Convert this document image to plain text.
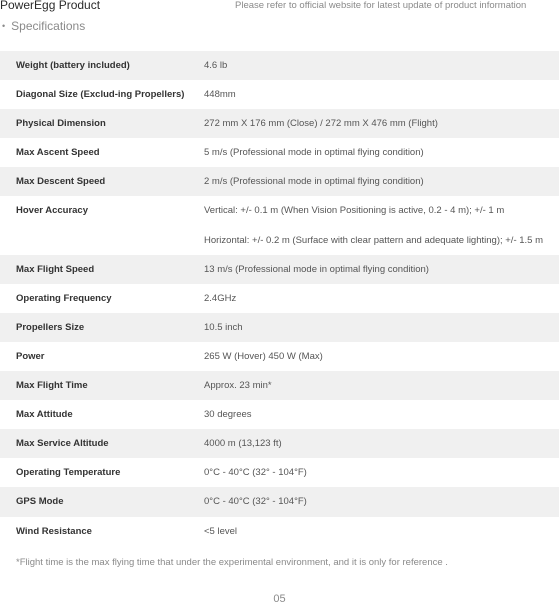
PowerEgg Product	Please refer to official website for latest update of product information
• Specifications
Weight (battery included)	4.6 lb
Diagonal Size (Exclud-ing Propellers)	448mm
Physical Dimension	272 mm X 176 mm (Close) / 272 mm X 476 mm (Flight)
Max Ascent Speed	5 m/s (Professional mode in optimal flying condition)
Max Descent Speed	2 m/s (Professional mode in optimal flying condition)
Hover Accuracy	Vertical: +/- 0.1 m (When Vision Positioning is active, 0.2 - 4 m); +/- 1 m
Horizontal: +/- 0.2 m (Surface with clear pattern and adequate lighting); +/- 1.5 m
Max Flight Speed	13 m/s (Professional mode in optimal flying condition)
Operating Frequency	2.4GHz
Propellers Size	10.5 inch
Power	265 W (Hover) 450 W (Max)
Max Flight Time	Approx. 23 min*
Max Attitude	30 degrees
Max Service Altitude	4000 m (13,123 ft)
Operating Temperature	0°C - 40°C (32° - 104°F)
GPS Mode	0°C - 40°C (32° - 104°F)
Wind Resistance	<5 level
*Flight time is the max flying time that under the experimental environment, and it is only for reference .
05
